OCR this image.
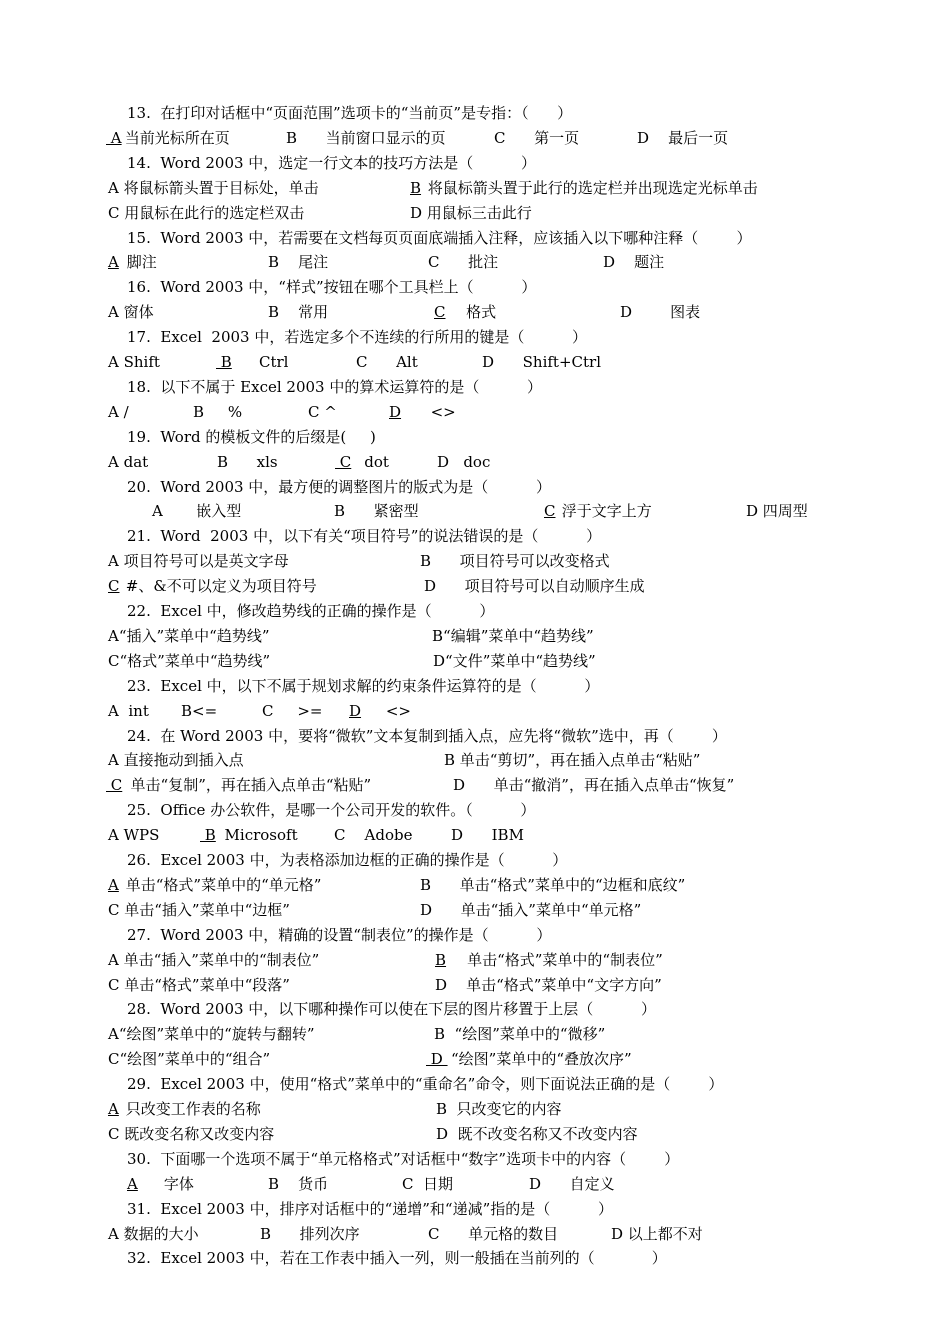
13.  在打印对话框中“页面范围”选项卡的“当前页”是专指：（      ）
A
当前光标所在页	B      当前窗口显示的页	C      第一页	D    最后一页
14.  Word 2003 中，选定一行文本的技巧方法是（          ）
A 将鼠标箭头置于目标处，单击	B 将鼠标箭头置于此行的选定栏并出现选定光标单击
C 用鼠标在此行的选定栏双击	D 用鼠标三击此行
15.  Word 2003 中，若需要在文档每页页面底端插入注释，应该插入以下哪种注释（        ）
A 脚注	B    尾注	C      批注	D    题注
16.  Word 2003 中，“样式”按钮在哪个工具栏上（          ）
A 窗体	B    常用	C 格式	D        图表
17.  Excel  2003 中，若选定多个不连续的行所用的键是（          ）
A Shift	B Ctrl	C      Alt	D      Shift+Ctrl
18.  以下不属于 Excel 2003 中的算术运算符的是（          ）
A /	B     %	C ^	D <>
19.  Word 的模板文件的后缀是(     )
A dat	B      xls	C
dot	D   doc
20.  Word 2003 中，最方便的调整图片的版式为是（          ）
A       嵌入型	B      紧密型	C 浮于文字上方	D 四周型
21.  Word  2003 中，以下有关“项目符号”的说法错误的是（          ）
A 项目符号可以是英文字母	B      项目符号可以改变格式
C #、&不可以定义为项目符号	D      项目符号可以自动顺序生成
22.  Excel 中，修改趋势线的正确的操作是（          ）
A“插入”菜单中“趋势线”	B“编辑”菜单中“趋势线”
C“格式”菜单中“趋势线”	D“文件”菜单中“趋势线”
23.  Excel 中，以下不属于规划求解的约束条件运算符的是（          ）
A  int B<=	C     >= D <>
24.  在 Word 2003 中，要将“微软”文本复制到插入点，应先将“微软”选中，再（        ）
A 直接拖动到插入点	B 单击“剪切”，再在插入点单击“粘贴”
C
单击“复制”，再在插入点单击“粘贴”	D      单击“撤消”，再在插入点单击“恢复”
25.  Office 办公软件，是哪一个公司开发的软件。（          ）
A WPS	B Microsoft C    Adobe	D      IBM
26.  Excel 2003 中，为表格添加边框的正确的操作是（          ）
A 单击“格式”菜单中的“单元格”	B      单击“格式”菜单中的“边框和底纹”
C 单击“插入”菜单中“边框”	D      单击“插入”菜单中“单元格”
27.  Word 2003 中，精确的设置“制表位”的操作是（          ）
A 单击“插入”菜单中的“制表位”	B 单击“格式”菜单中的“制表位”
C 单击“格式”菜单中“段落”	D    单击“格式”菜单中“文字方向”
28.  Word 2003 中，以下哪种操作可以使在下层的图片移置于上层（          ）
A“绘图”菜单中的“旋转与翻转”	B  “绘图”菜单中的“微移”
C“绘图”菜单中的“组合”	D “绘图”菜单中的“叠放次序”
29.  Excel 2003 中，使用“格式”菜单中的“重命名”命令，则下面说法正确的是（        ）
A 只改变工作表的名称	B  只改变它的内容
C 既改变名称又改变内容	D  既不改变名称又不改变内容
30.  下面哪一个选项不属于“单元格格式”对话框中“数字”选项卡中的内容（        ）
A 字体	B    货币	C  日期	D      自定义
31.  Excel 2003 中，排序对话框中的“递增”和“递减”指的是（          ）
A 数据的大小	B      排列次序	C      单元格的数目	D 以上都不对
32.  Excel 2003 中，若在工作表中插入一列，则一般插在当前列的（            ）
